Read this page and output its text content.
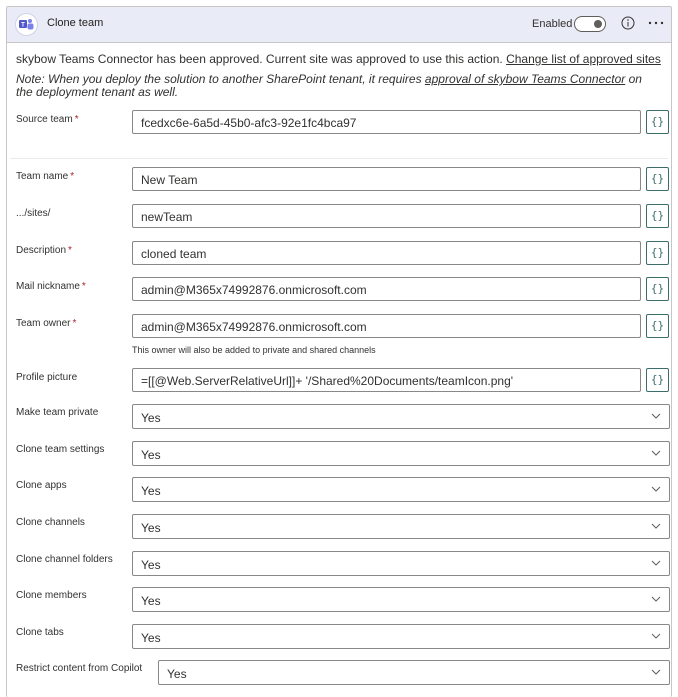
T Clone team	Enabled
skybow Teams Connector has been approved. Current site was approved to use this action. Change list of approved sites
Note: When you deploy the solution to another SharePoint tenant, it requires approval of skybow Teams Connector on the deployment tenant as well.
Source team *	fcedxc6e-6a5d-45b0-afc3-92e1fc4bca97	{}
Team name *	New Team	{}
.../sites/	newTeam	{}
Description *	cloned team	{}
Mail nickname *	admin@M365x74992876.onmicrosoft.com	{}
Team owner *	admin@M365x74992876.onmicrosoft.com	{}
This owner will also be added to private and shared channels
Profile picture	=[[@Web.ServerRelativeUrl]]+ '/Shared%20Documents/teamIcon.png'	{}
Make team private	Yes
Clone team settings	Yes
Clone apps	Yes
Clone channels	Yes
Clone channel folders	Yes
Clone members	Yes
Clone tabs	Yes
Restrict content from Copilot	Yes
